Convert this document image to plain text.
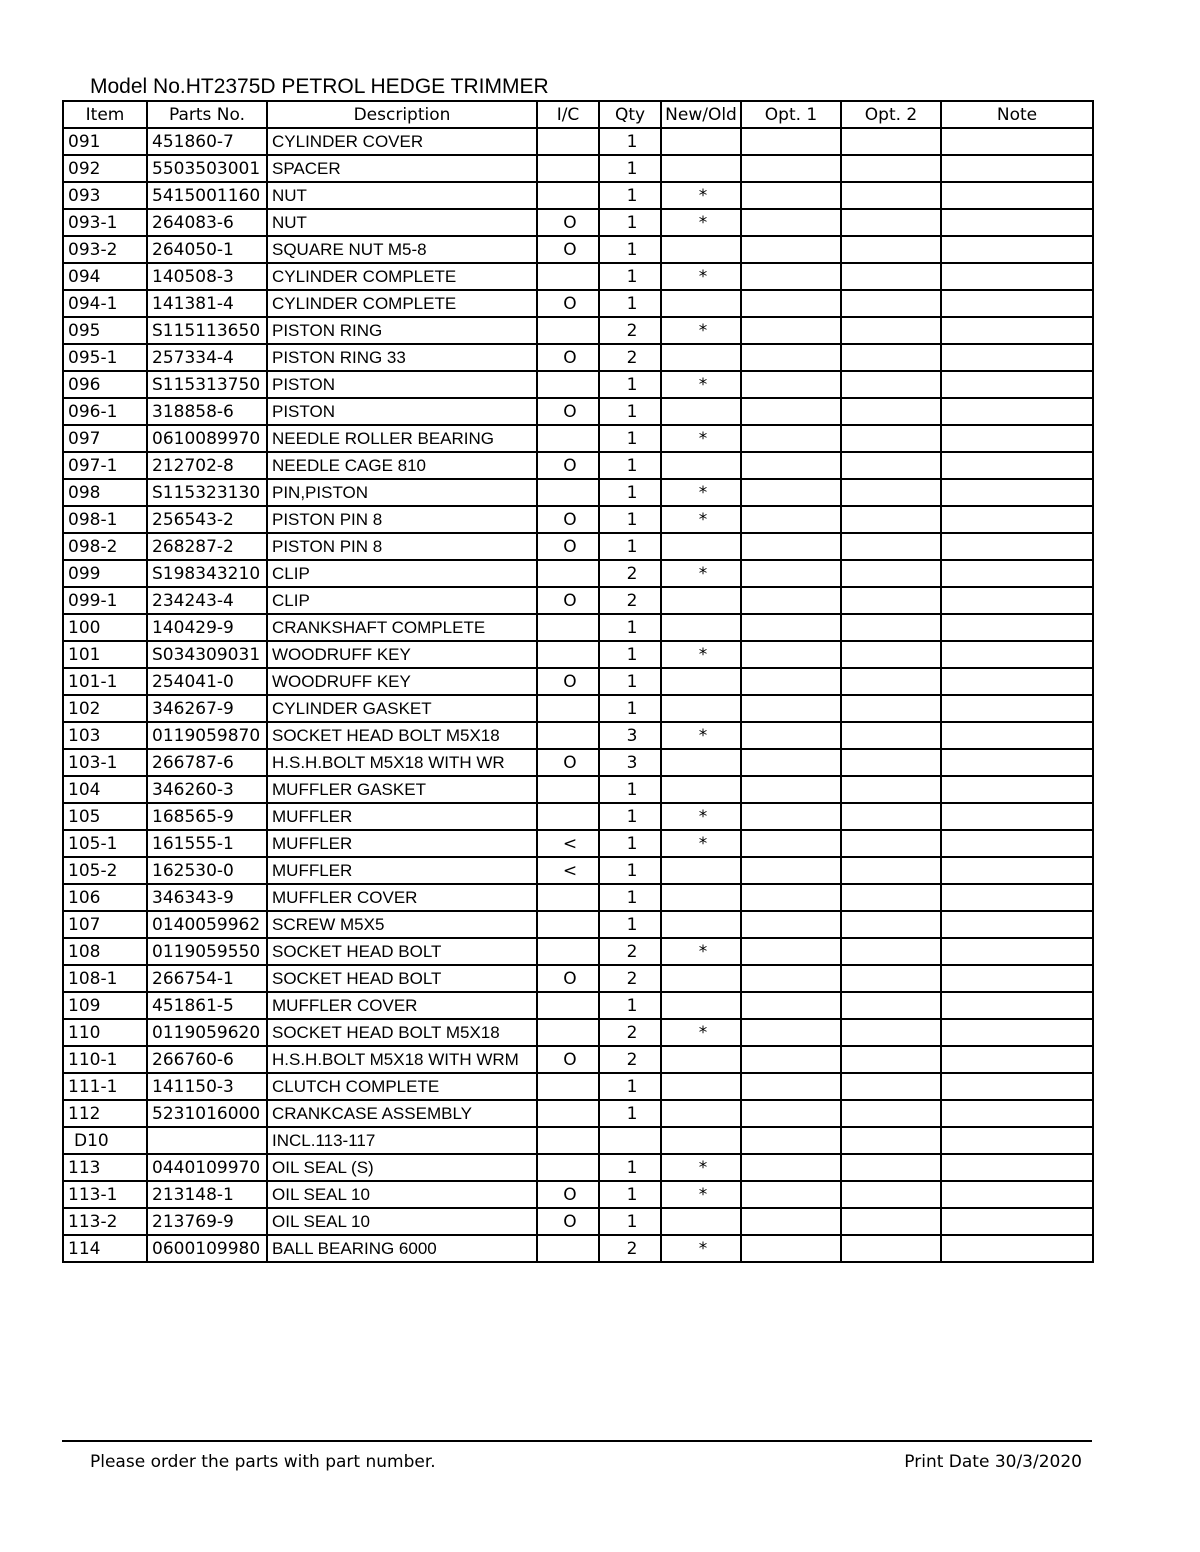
Model No.HT2375D PETROL HEDGE TRIMMER
Item	Parts No.	Description	I/C	Qty	New/Old	Opt. 1	Opt. 2	Note
091	451860-7	CYLINDER COVER		1				
092	5503503001	SPACER		1				
093	5415001160	NUT		1	*			
093-1	264083-6	NUT	O	1	*			
093-2	264050-1	SQUARE NUT M5-8	O	1				
094	140508-3	CYLINDER COMPLETE		1	*			
094-1	141381-4	CYLINDER COMPLETE	O	1				
095	S115113650	PISTON RING		2	*			
095-1	257334-4	PISTON RING 33	O	2				
096	S115313750	PISTON		1	*			
096-1	318858-6	PISTON	O	1				
097	0610089970	NEEDLE ROLLER BEARING		1	*			
097-1	212702-8	NEEDLE CAGE 810	O	1				
098	S115323130	PIN,PISTON		1	*			
098-1	256543-2	PISTON PIN 8	O	1	*			
098-2	268287-2	PISTON PIN 8	O	1				
099	S198343210	CLIP		2	*			
099-1	234243-4	CLIP	O	2				
100	140429-9	CRANKSHAFT COMPLETE		1				
101	S034309031	WOODRUFF KEY		1	*			
101-1	254041-0	WOODRUFF KEY	O	1				
102	346267-9	CYLINDER GASKET		1				
103	0119059870	SOCKET HEAD BOLT M5X18		3	*			
103-1	266787-6	H.S.H.BOLT M5X18 WITH WR	O	3				
104	346260-3	MUFFLER GASKET		1				
105	168565-9	MUFFLER		1	*			
105-1	161555-1	MUFFLER	<	1	*			
105-2	162530-0	MUFFLER	<	1				
106	346343-9	MUFFLER COVER		1				
107	0140059962	SCREW M5X5		1				
108	0119059550	SOCKET HEAD BOLT		2	*			
108-1	266754-1	SOCKET HEAD BOLT	O	2				
109	451861-5	MUFFLER COVER		1				
110	0119059620	SOCKET HEAD BOLT M5X18		2	*			
110-1	266760-6	H.S.H.BOLT M5X18 WITH WRM	O	2				
111-1	141150-3	CLUTCH COMPLETE		1				
112	5231016000	CRANKCASE ASSEMBLY		1				
D10		INCL.113-117						
113	0440109970	OIL SEAL (S)		1	*			
113-1	213148-1	OIL SEAL 10	O	1	*			
113-2	213769-9	OIL SEAL 10	O	1				
114	0600109980	BALL BEARING 6000		2	*			
Please order the parts with part number.	Print Date 30/3/2020
